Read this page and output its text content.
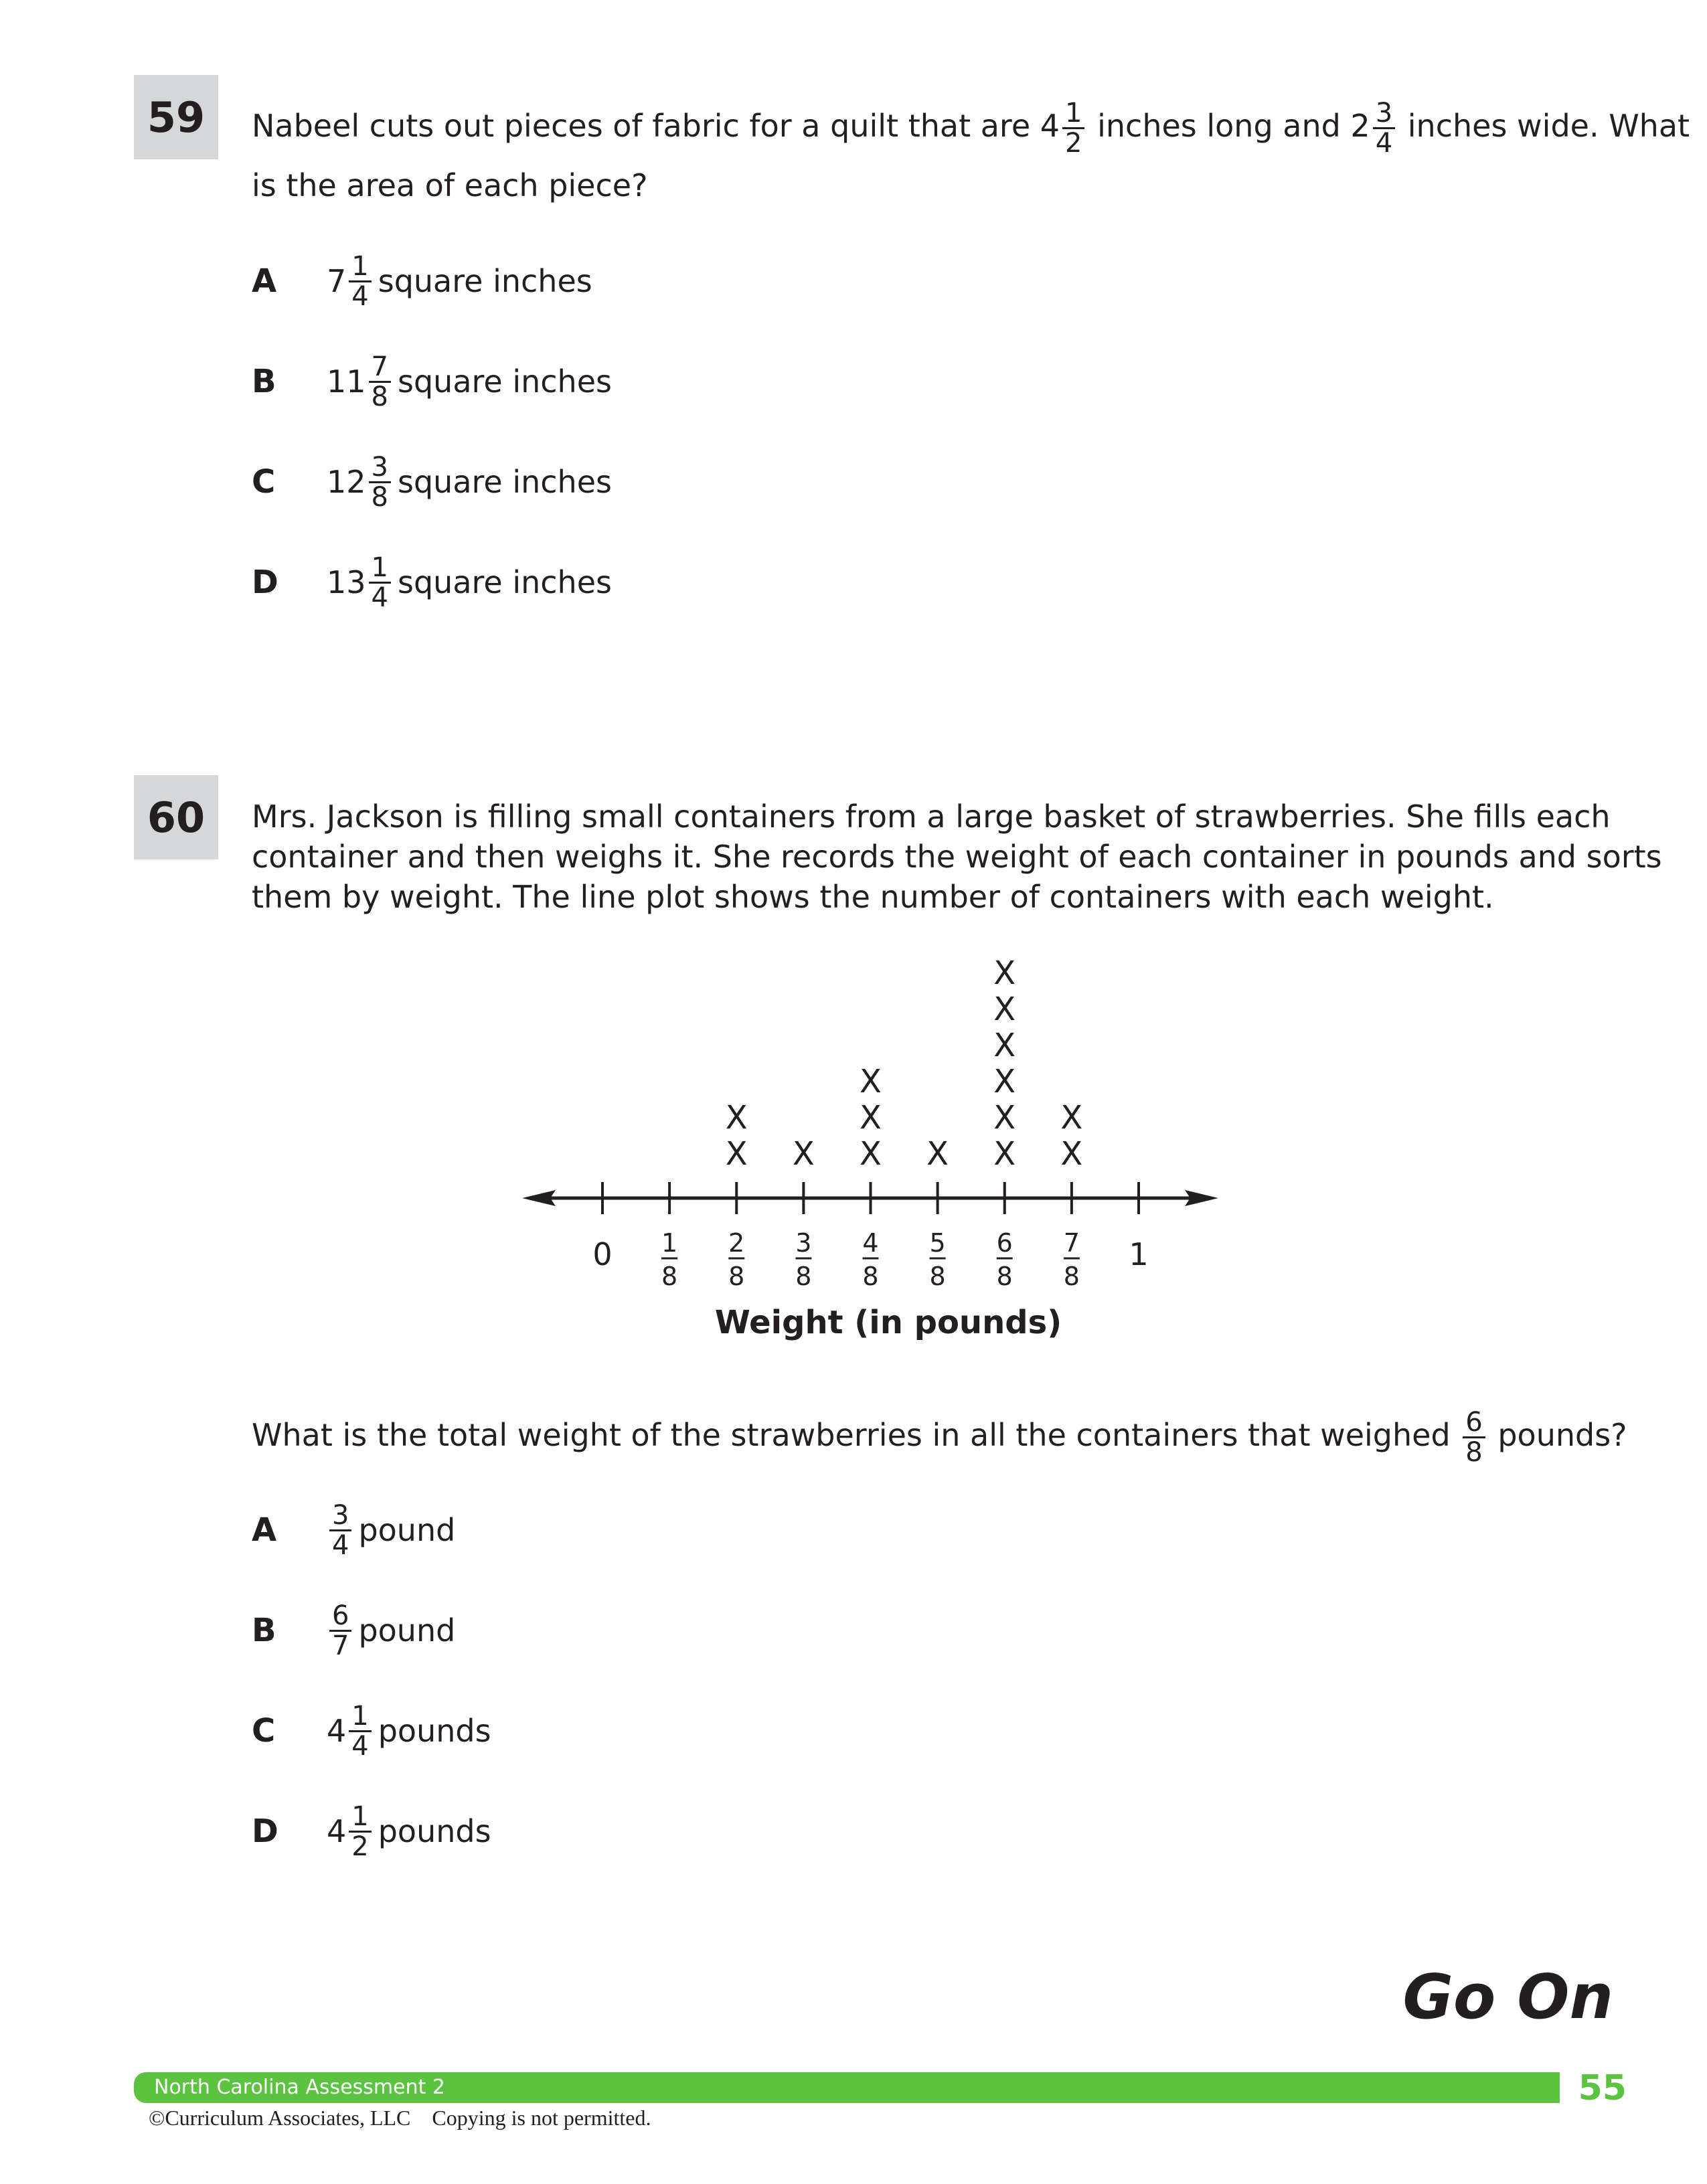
59	Nabeel cuts out pieces of fabric for a quilt that are $4 \frac{1}{2}$ inches long and $2 \frac{3}{4}$ inches wide. What
is the area of each piece?
A	$7 \frac{1}{4}$ square inches
B	$11 \frac{7}{8}$ square inches
C	$12 \frac{3}{8}$ square inches
D	$13 \frac{1}{4}$ square inches
60	Mrs. Jackson is filling small containers from a large basket of strawberries. She fills each
container and then weighs it. She records the weight of each container in pounds and sorts
them by weight. The line plot shows the number of containers with each weight.
X
X
X X
X
X
X X
X
X
X
X
X
X
X
0 1
8
2
8
3
8
4
8
5
8
6
8
7
8
1
Weight (in pounds)
What is the total weight of the strawberries in all the containers that weighed $\frac{6}{8}$ pounds?
A	$\frac{3}{4}$ pound
B	$\frac{6}{7}$ pound
C	$4 \frac{1}{4}$ pounds
D	$4 \frac{1}{2}$ pounds
Go On
North Carolina Assessment 2	55
©Curriculum Associates, LLC    Copying is not permitted.
